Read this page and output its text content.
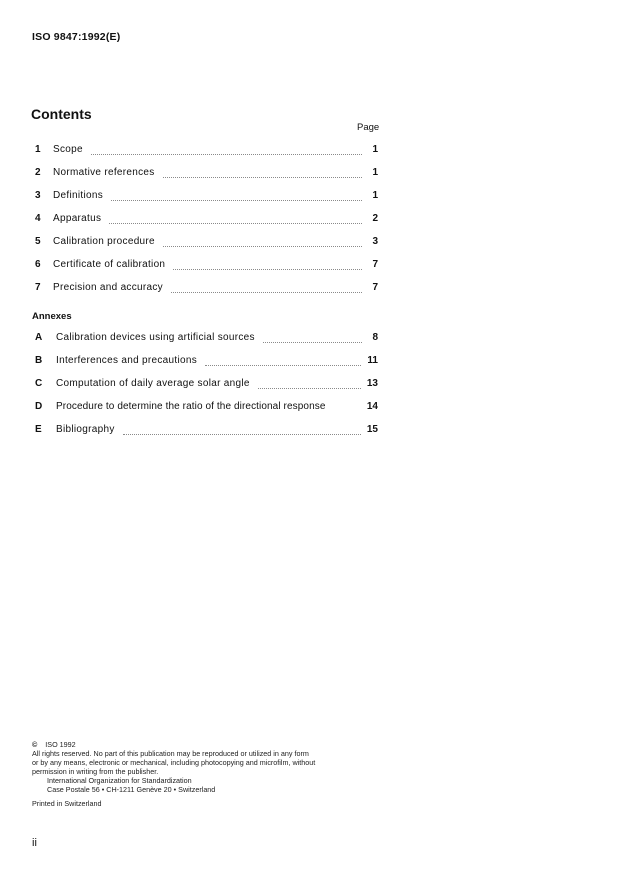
ISO 9847:1992(E)
Contents
Page
1	Scope	1
2	Normative references	1
3	Definitions	1
4	Apparatus	2
5	Calibration procedure	3
6	Certificate of calibration	7
7	Precision and accuracy	7
Annexes
A	Calibration devices using artificial sources	8
B	Interferences and precautions	11
C	Computation of daily average solar angle	13
D	Procedure to determine the ratio of the directional response	14
E	Bibliography	15
© ISO 1992
All rights reserved. No part of this publication may be reproduced or utilized in any form
or by any means, electronic or mechanical, including photocopying and microfilm, without
permission in writing from the publisher.
International Organization for Standardization
Case Postale 56 • CH-1211 Genève 20 • Switzerland
Printed in Switzerland
ii
